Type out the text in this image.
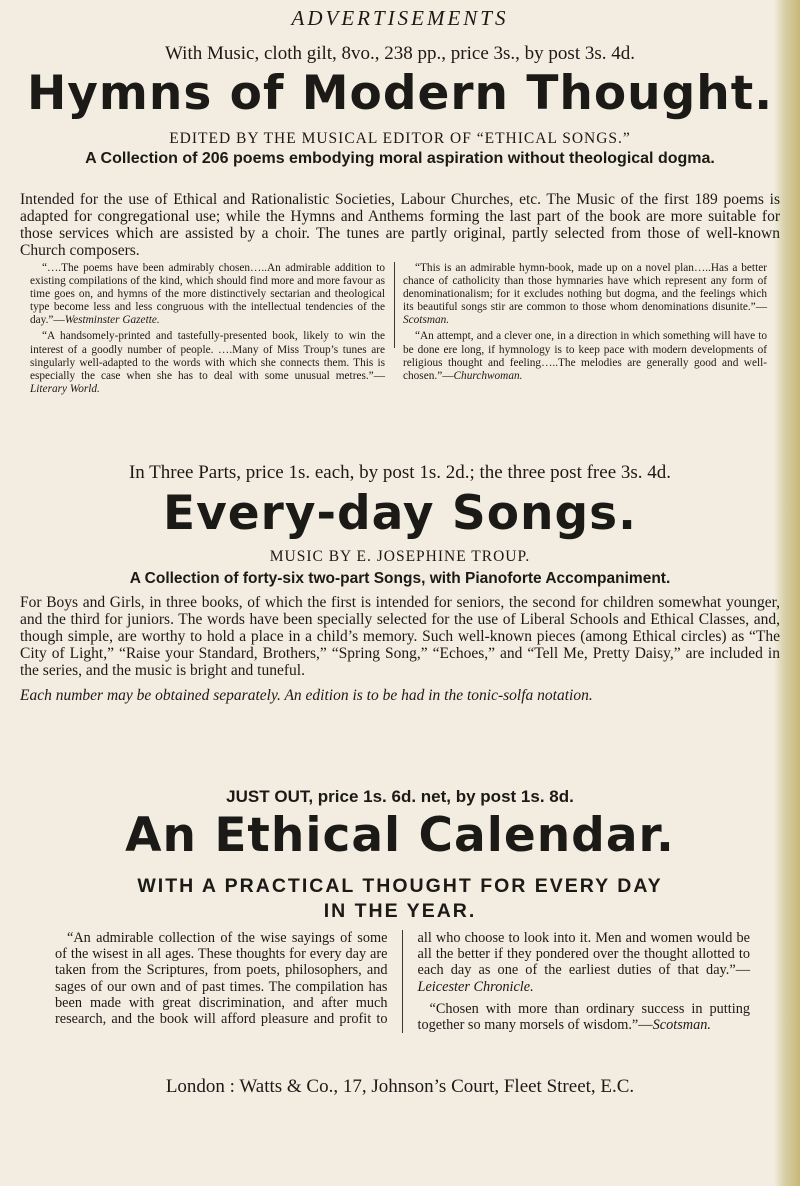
ADVERTISEMENTS
With Music, cloth gilt, 8vo., 238 pp., price 3s., by post 3s. 4d.
Hymns of Modern Thought.
EDITED BY THE MUSICAL EDITOR OF “ETHICAL SONGS.”
A Collection of 206 poems embodying moral aspiration without theological dogma.
Intended for the use of Ethical and Rationalistic Societies, Labour Churches, etc. The Music of the first 189 poems is adapted for congregational use; while the Hymns and Anthems forming the last part of the book are more suitable for those services which are assisted by a choir. The tunes are partly original, partly selected from those of well-known Church composers.

“….The poems have been admirably chosen…..An admirable addition to existing compilations of the kind, which should find more and more favour as time goes on, and hymns of the more distinctively sectarian and theological type become less and less congruous with the intellectual tendencies of the day.”—Westminster Gazette.

“A handsomely-printed and tastefully-presented book, likely to win the interest of a goodly number of people. ….Many of Miss Troup’s tunes are singularly well-adapted to the words with which she connects them. This is especially the case when she has to deal with some unusual metres.”—Literary World.

“This is an admirable hymn-book, made up on a novel plan…..Has a better chance of catholicity than those hymnaries have which represent any form of denominationalism; for it excludes nothing but dogma, and the feelings which its beautiful songs stir are common to those whom denominations disunite.”—Scotsman.

“An attempt, and a clever one, in a direction in which something will have to be done ere long, if hymnology is to keep pace with modern developments of religious thought and feeling…..The melodies are generally good and well-chosen.”—Churchwoman.

In Three Parts, price 1s. each, by post 1s. 2d.; the three post free 3s. 4d.
Every-day Songs.
MUSIC BY E. JOSEPHINE TROUP.
A Collection of forty-six two-part Songs, with Pianoforte Accompaniment.
For Boys and Girls, in three books, of which the first is intended for seniors, the second for children somewhat younger, and the third for juniors. The words have been specially selected for the use of Liberal Schools and Ethical Classes, and, though simple, are worthy to hold a place in a child’s memory. Such well-known pieces (among Ethical circles) as “The City of Light,” “Raise your Standard, Brothers,” “Spring Song,” “Echoes,” and “Tell Me, Pretty Daisy,” are included in the series, and the music is bright and tuneful.
Each number may be obtained separately. An edition is to be had in the tonic-solfa notation.
JUST OUT, price 1s. 6d. net, by post 1s. 8d.
An Ethical Calendar.
WITH A PRACTICAL THOUGHT FOR EVERY DAY
IN THE YEAR.

“An admirable collection of the wise sayings of some of the wisest in all ages. These thoughts for every day are taken from the Scriptures, from poets, philosophers, and sages of our own and of past times. The compilation has been made with great discrimination, and after much research, and the book will afford pleasure and profit to all who choose to look into it. Men and women would be all the better if they pondered over the thought allotted to each day as one of the earliest duties of that day.”—Leicester Chronicle.

“Chosen with more than ordinary success in putting together so many morsels of wisdom.”—Scotsman.

London : Watts & Co., 17, Johnson’s Court, Fleet Street, E.C.
